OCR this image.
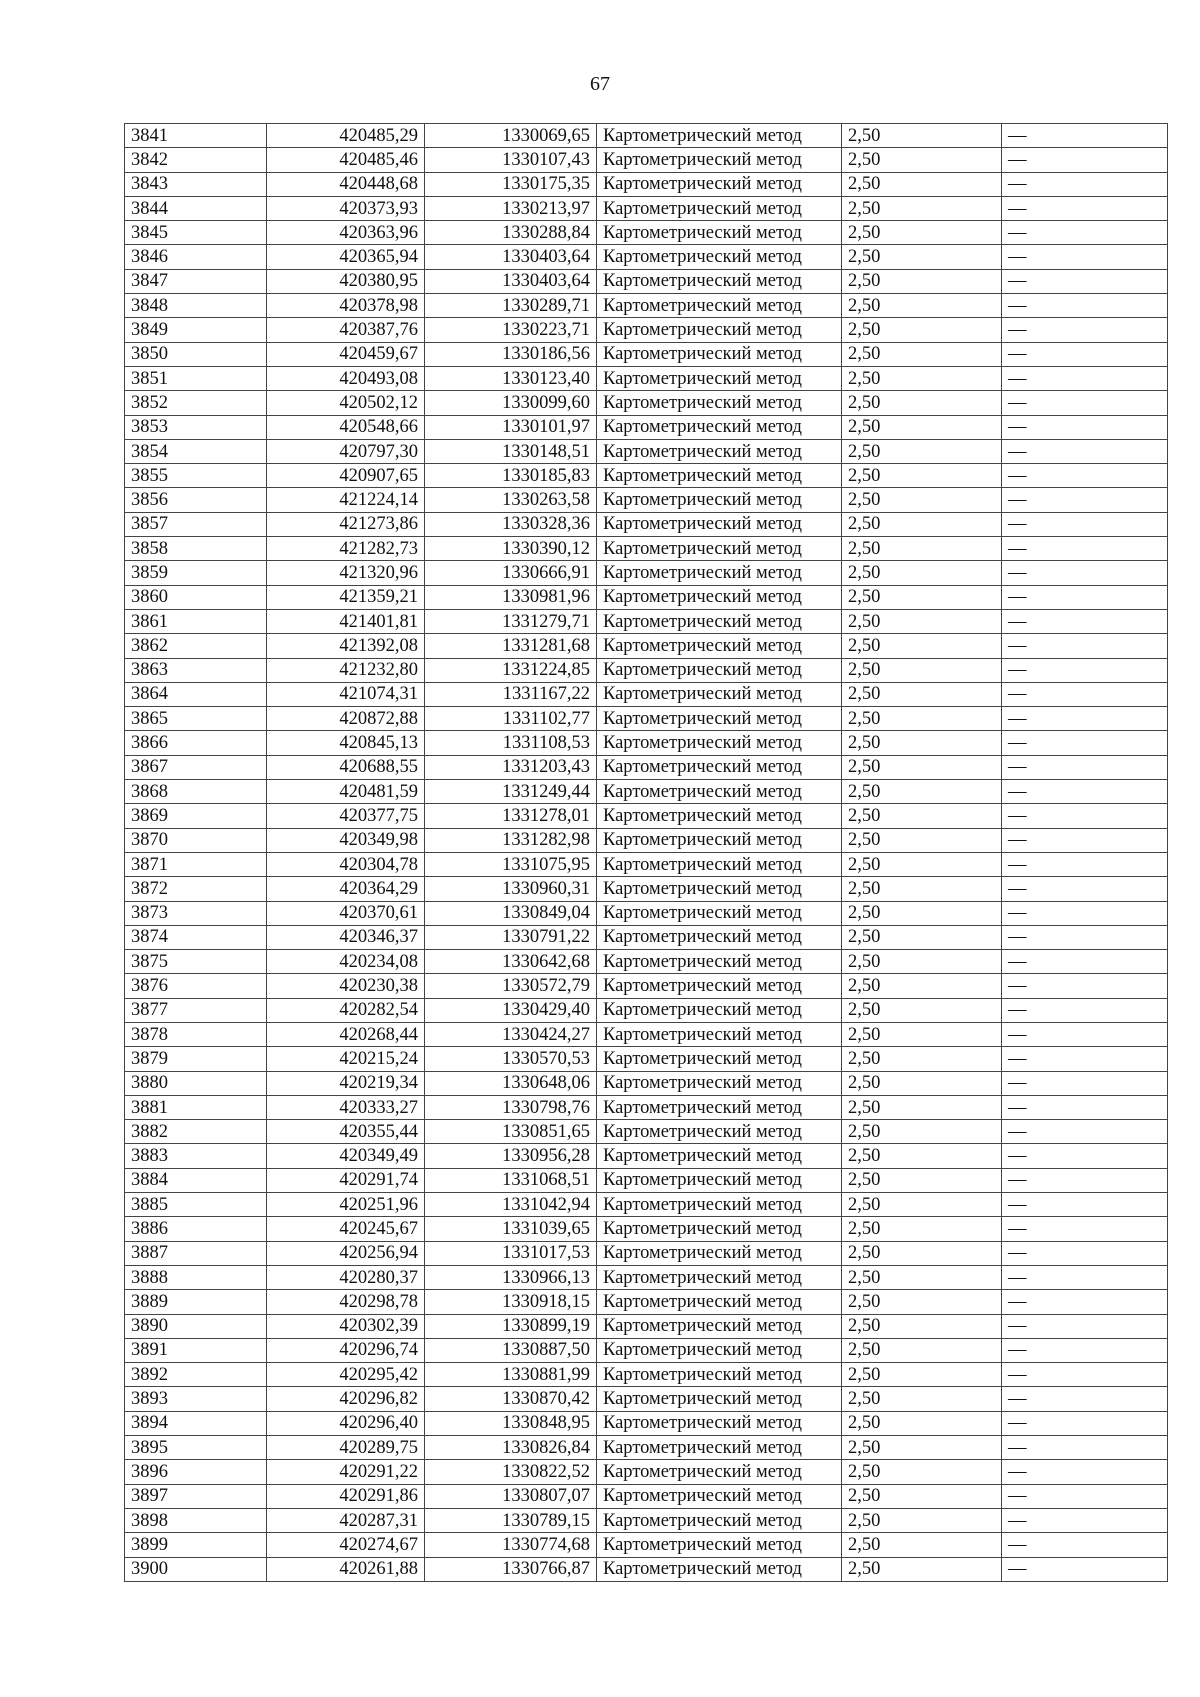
67
3841	420485,29	1330069,65	Картометрический метод	2,50	—
3842	420485,46	1330107,43	Картометрический метод	2,50	—
3843	420448,68	1330175,35	Картометрический метод	2,50	—
3844	420373,93	1330213,97	Картометрический метод	2,50	—
3845	420363,96	1330288,84	Картометрический метод	2,50	—
3846	420365,94	1330403,64	Картометрический метод	2,50	—
3847	420380,95	1330403,64	Картометрический метод	2,50	—
3848	420378,98	1330289,71	Картометрический метод	2,50	—
3849	420387,76	1330223,71	Картометрический метод	2,50	—
3850	420459,67	1330186,56	Картометрический метод	2,50	—
3851	420493,08	1330123,40	Картометрический метод	2,50	—
3852	420502,12	1330099,60	Картометрический метод	2,50	—
3853	420548,66	1330101,97	Картометрический метод	2,50	—
3854	420797,30	1330148,51	Картометрический метод	2,50	—
3855	420907,65	1330185,83	Картометрический метод	2,50	—
3856	421224,14	1330263,58	Картометрический метод	2,50	—
3857	421273,86	1330328,36	Картометрический метод	2,50	—
3858	421282,73	1330390,12	Картометрический метод	2,50	—
3859	421320,96	1330666,91	Картометрический метод	2,50	—
3860	421359,21	1330981,96	Картометрический метод	2,50	—
3861	421401,81	1331279,71	Картометрический метод	2,50	—
3862	421392,08	1331281,68	Картометрический метод	2,50	—
3863	421232,80	1331224,85	Картометрический метод	2,50	—
3864	421074,31	1331167,22	Картометрический метод	2,50	—
3865	420872,88	1331102,77	Картометрический метод	2,50	—
3866	420845,13	1331108,53	Картометрический метод	2,50	—
3867	420688,55	1331203,43	Картометрический метод	2,50	—
3868	420481,59	1331249,44	Картометрический метод	2,50	—
3869	420377,75	1331278,01	Картометрический метод	2,50	—
3870	420349,98	1331282,98	Картометрический метод	2,50	—
3871	420304,78	1331075,95	Картометрический метод	2,50	—
3872	420364,29	1330960,31	Картометрический метод	2,50	—
3873	420370,61	1330849,04	Картометрический метод	2,50	—
3874	420346,37	1330791,22	Картометрический метод	2,50	—
3875	420234,08	1330642,68	Картометрический метод	2,50	—
3876	420230,38	1330572,79	Картометрический метод	2,50	—
3877	420282,54	1330429,40	Картометрический метод	2,50	—
3878	420268,44	1330424,27	Картометрический метод	2,50	—
3879	420215,24	1330570,53	Картометрический метод	2,50	—
3880	420219,34	1330648,06	Картометрический метод	2,50	—
3881	420333,27	1330798,76	Картометрический метод	2,50	—
3882	420355,44	1330851,65	Картометрический метод	2,50	—
3883	420349,49	1330956,28	Картометрический метод	2,50	—
3884	420291,74	1331068,51	Картометрический метод	2,50	—
3885	420251,96	1331042,94	Картометрический метод	2,50	—
3886	420245,67	1331039,65	Картометрический метод	2,50	—
3887	420256,94	1331017,53	Картометрический метод	2,50	—
3888	420280,37	1330966,13	Картометрический метод	2,50	—
3889	420298,78	1330918,15	Картометрический метод	2,50	—
3890	420302,39	1330899,19	Картометрический метод	2,50	—
3891	420296,74	1330887,50	Картометрический метод	2,50	—
3892	420295,42	1330881,99	Картометрический метод	2,50	—
3893	420296,82	1330870,42	Картометрический метод	2,50	—
3894	420296,40	1330848,95	Картометрический метод	2,50	—
3895	420289,75	1330826,84	Картометрический метод	2,50	—
3896	420291,22	1330822,52	Картометрический метод	2,50	—
3897	420291,86	1330807,07	Картометрический метод	2,50	—
3898	420287,31	1330789,15	Картометрический метод	2,50	—
3899	420274,67	1330774,68	Картометрический метод	2,50	—
3900	420261,88	1330766,87	Картометрический метод	2,50	—
